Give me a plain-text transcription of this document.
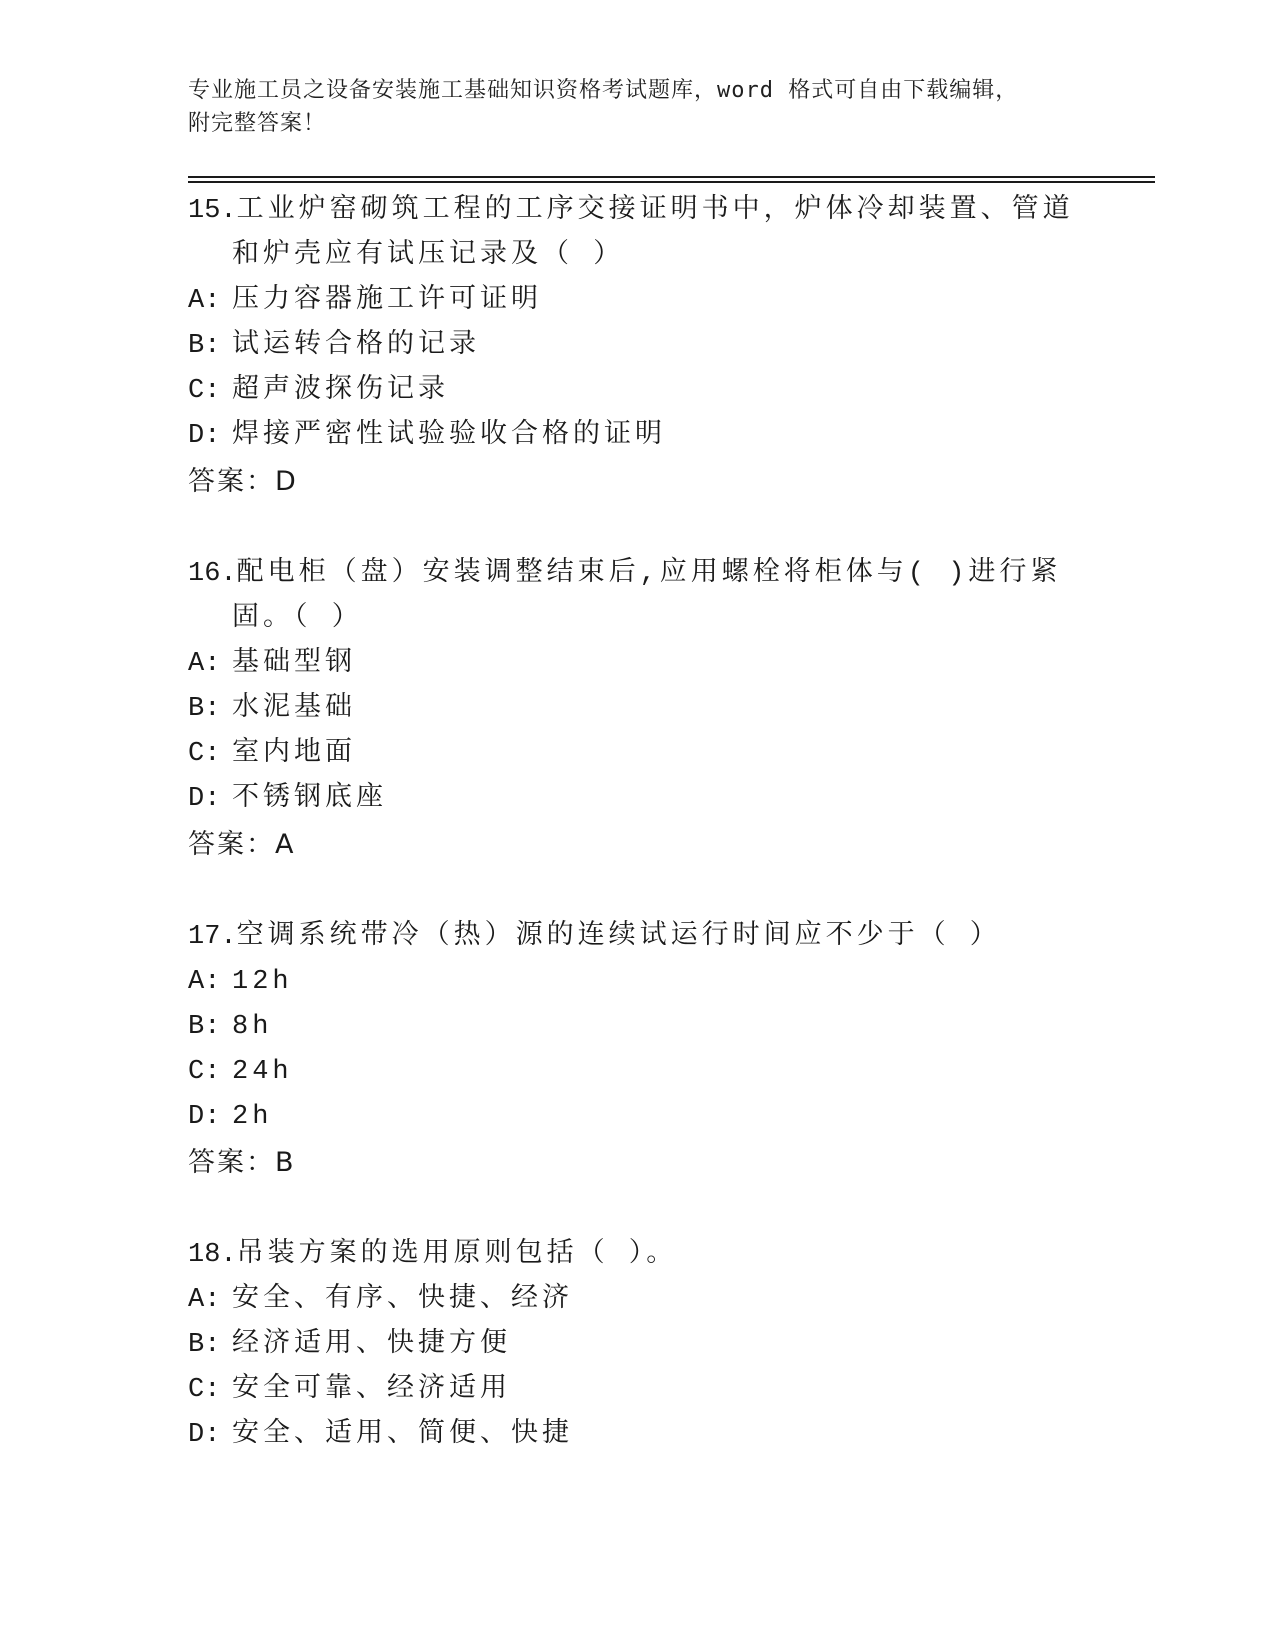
专业施工员之设备安装施工基础知识资格考试题库，word 格式可自由下载编辑，
附完整答案！
15.工业炉窑砌筑工程的工序交接证明书中，炉体冷却装置、管道和炉壳应有试压记录及（ ）
A: 压力容器施工许可证明
B: 试运转合格的记录
C: 超声波探伤记录
D: 焊接严密性试验验收合格的证明
答案：D
16.配电柜（盘）安装调整结束后,应用螺栓将柜体与( )进行紧固。（ ）
A: 基础型钢
B: 水泥基础
C: 室内地面
D: 不锈钢底座
答案：A
17.空调系统带冷（热）源的连续试运行时间应不少于（ ）
A: 12h
B: 8h
C: 24h
D: 2h
答案：B
18.吊装方案的选用原则包括（ ）。
A: 安全、有序、快捷、经济
B: 经济适用、快捷方便
C: 安全可靠、经济适用
D: 安全、适用、简便、快捷
